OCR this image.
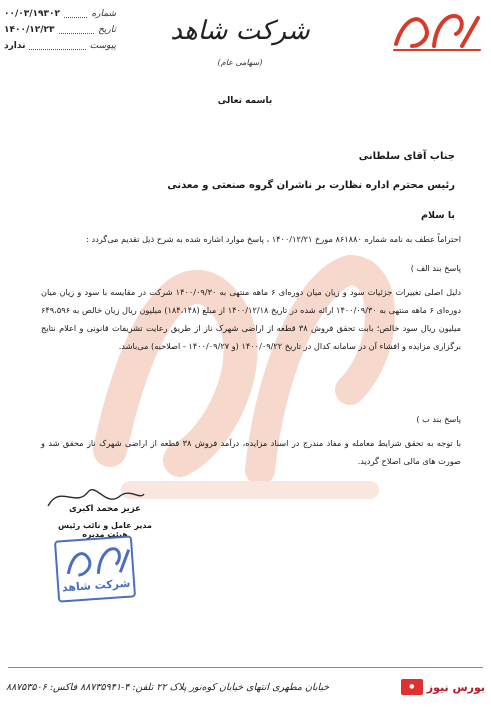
شماره
۰۰/۰۳/۱۹۳۰۲
تاریخ
۱۴۰۰/۱۲/۲۳
پیوست
ندارد	شرکت شاهد
(سهامی عام)
باسمه تعالی
جناب آقای سلطانی
رئیس محترم اداره نظارت بر ناشران گروه صنعتی و معدنی
با سلام
احتراماً عطف به نامه شماره ۸۶۱۸۸۰ مورخ ۱۴۰۰/۱۲/۲۱ ، پاسخ موارد اشاره شده به شرح ذیل تقدیم می‌گردد :
پاسخ بند الف )
دلیل اصلی تغییرات جزئیات سود و زیان میان دوره‌ای ۶ ماهه منتهی به ۱۴۰۰/۰۹/۳۰ شرکت در مقایسه با سود و زیان میان دوره‌ای ۶ ماهه منتهی به ۱۴۰۰/۰۹/۳۰ ارائه شده در تاریخ ۱۴۰۰/۱۲/۱۸ از مبلغ (۱۸۴،۱۴۸) میلیون ریال زیان خالص به ۶۴۹،۵۹۶ میلیون ریال سود خالص؛ بابت تحقق فروش ۳۸ قطعه از اراضی شهرک ناز از طریق رعایت تشریفات قانونی و اعلام نتایج برگزاری مزایده و افشاء آن در سامانه کدال در تاریخ ۱۴۰۰/۰۹/۲۲ (و ۱۴۰۰/۰۹/۲۷ - اصلاحیه) می‌باشد.
پاسخ بند ب )
با توجه به تحقق شرایط معامله و مفاد مندرج در اسناد مزایده، درآمد فروش ۳۸ قطعه از اراضی شهرک ناز محقق شد و صورت های مالی اصلاح گردید.
عزیز محمد اکبری
مدیر عامل و نائب رئیس هیئت مدیره
شرکت شاهد
بورس نیوز
●
خیابان مطهری انتهای خیابان کوه‌نور پلاک ۲۲ تلفن: ۴-۸۸۷۳۵۹۴۱ فاکس: ۸۸۷۵۳۵۰۶
